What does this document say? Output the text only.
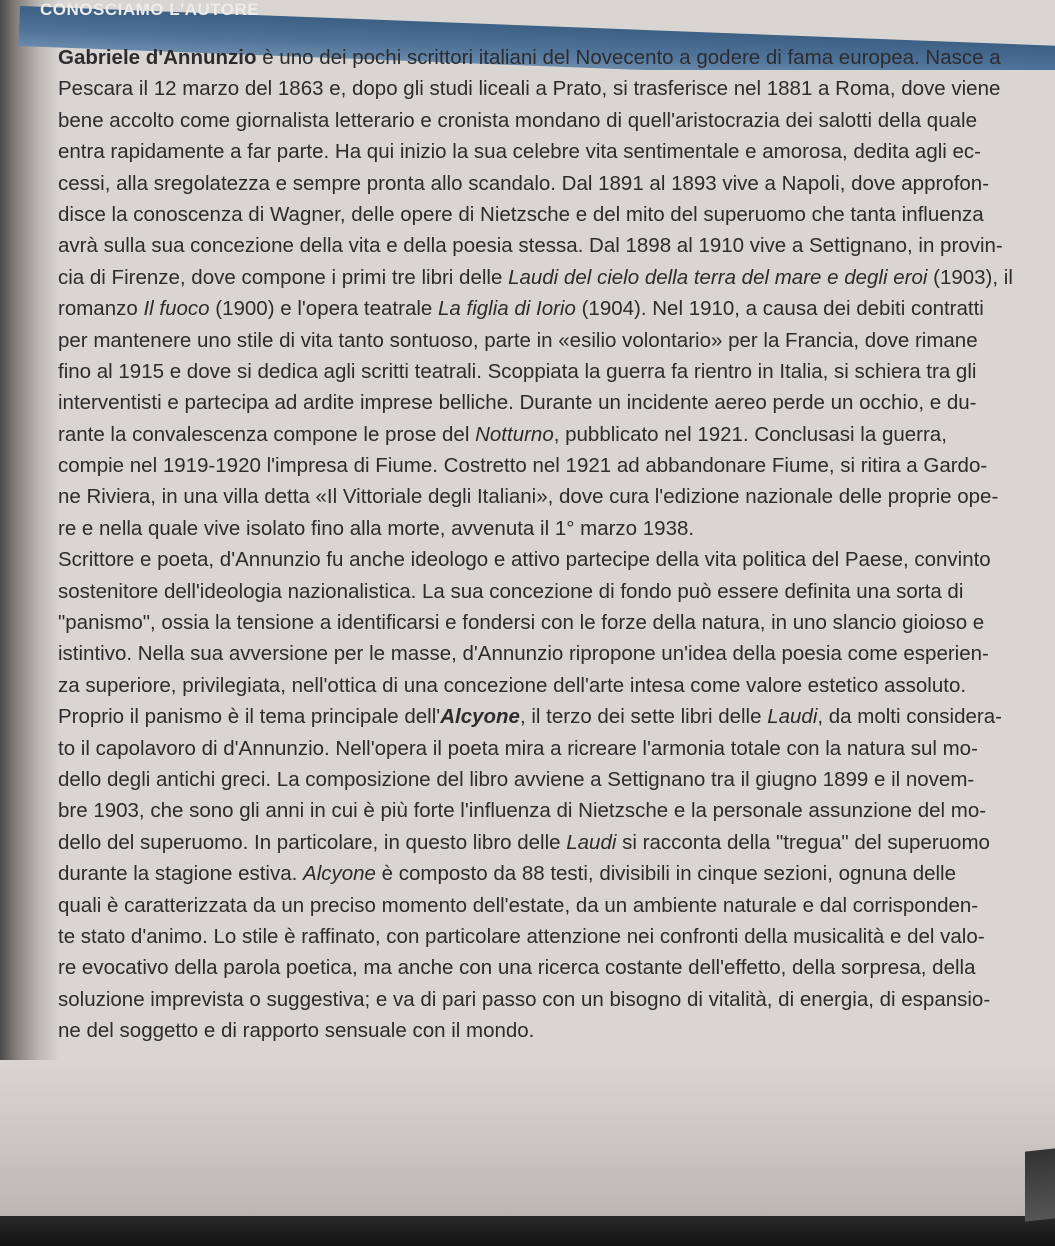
CONOSCIAMO L'AUTORE
Gabriele d'Annunzio è uno dei pochi scrittori italiani del Novecento a godere di fama europea. Nasce a
Pescara il 12 marzo del 1863 e, dopo gli studi liceali a Prato, si trasferisce nel 1881 a Roma, dove viene
bene accolto come giornalista letterario e cronista mondano di quell'aristocrazia dei salotti della quale
entra rapidamente a far parte. Ha qui inizio la sua celebre vita sentimentale e amorosa, dedita agli ec-
cessi, alla sregolatezza e sempre pronta allo scandalo. Dal 1891 al 1893 vive a Napoli, dove approfon-
disce la conoscenza di Wagner, delle opere di Nietzsche e del mito del superuomo che tanta influenza
avrà sulla sua concezione della vita e della poesia stessa. Dal 1898 al 1910 vive a Settignano, in provin-
cia di Firenze, dove compone i primi tre libri delle Laudi del cielo della terra del mare e degli eroi (1903), il
romanzo Il fuoco (1900) e l'opera teatrale La figlia di Iorio (1904). Nel 1910, a causa dei debiti contratti
per mantenere uno stile di vita tanto sontuoso, parte in «esilio volontario» per la Francia, dove rimane
fino al 1915 e dove si dedica agli scritti teatrali. Scoppiata la guerra fa rientro in Italia, si schiera tra gli
interventisti e partecipa ad ardite imprese belliche. Durante un incidente aereo perde un occhio, e du-
rante la convalescenza compone le prose del Notturno, pubblicato nel 1921. Conclusasi la guerra,
compie nel 1919-1920 l'impresa di Fiume. Costretto nel 1921 ad abbandonare Fiume, si ritira a Gardo-
ne Riviera, in una villa detta «Il Vittoriale degli Italiani», dove cura l'edizione nazionale delle proprie ope-
re e nella quale vive isolato fino alla morte, avvenuta il 1° marzo 1938.
Scrittore e poeta, d'Annunzio fu anche ideologo e attivo partecipe della vita politica del Paese, convinto
sostenitore dell'ideologia nazionalistica. La sua concezione di fondo può essere definita una sorta di
"panismo", ossia la tensione a identificarsi e fondersi con le forze della natura, in uno slancio gioioso e
istintivo. Nella sua avversione per le masse, d'Annunzio ripropone un'idea della poesia come esperien-
za superiore, privilegiata, nell'ottica di una concezione dell'arte intesa come valore estetico assoluto.
Proprio il panismo è il tema principale dell'Alcyone, il terzo dei sette libri delle Laudi, da molti considera-
to il capolavoro di d'Annunzio. Nell'opera il poeta mira a ricreare l'armonia totale con la natura sul mo-
dello degli antichi greci. La composizione del libro avviene a Settignano tra il giugno 1899 e il novem-
bre 1903, che sono gli anni in cui è più forte l'influenza di Nietzsche e la personale assunzione del mo-
dello del superuomo. In particolare, in questo libro delle Laudi si racconta della "tregua" del superuomo
durante la stagione estiva. Alcyone è composto da 88 testi, divisibili in cinque sezioni, ognuna delle
quali è caratterizzata da un preciso momento dell'estate, da un ambiente naturale e dal corrisponden-
te stato d'animo. Lo stile è raffinato, con particolare attenzione nei confronti della musicalità e del valo-
re evocativo della parola poetica, ma anche con una ricerca costante dell'effetto, della sorpresa, della
soluzione imprevista o suggestiva; e va di pari passo con un bisogno di vitalità, di energia, di espansio-
ne del soggetto e di rapporto sensuale con il mondo.
